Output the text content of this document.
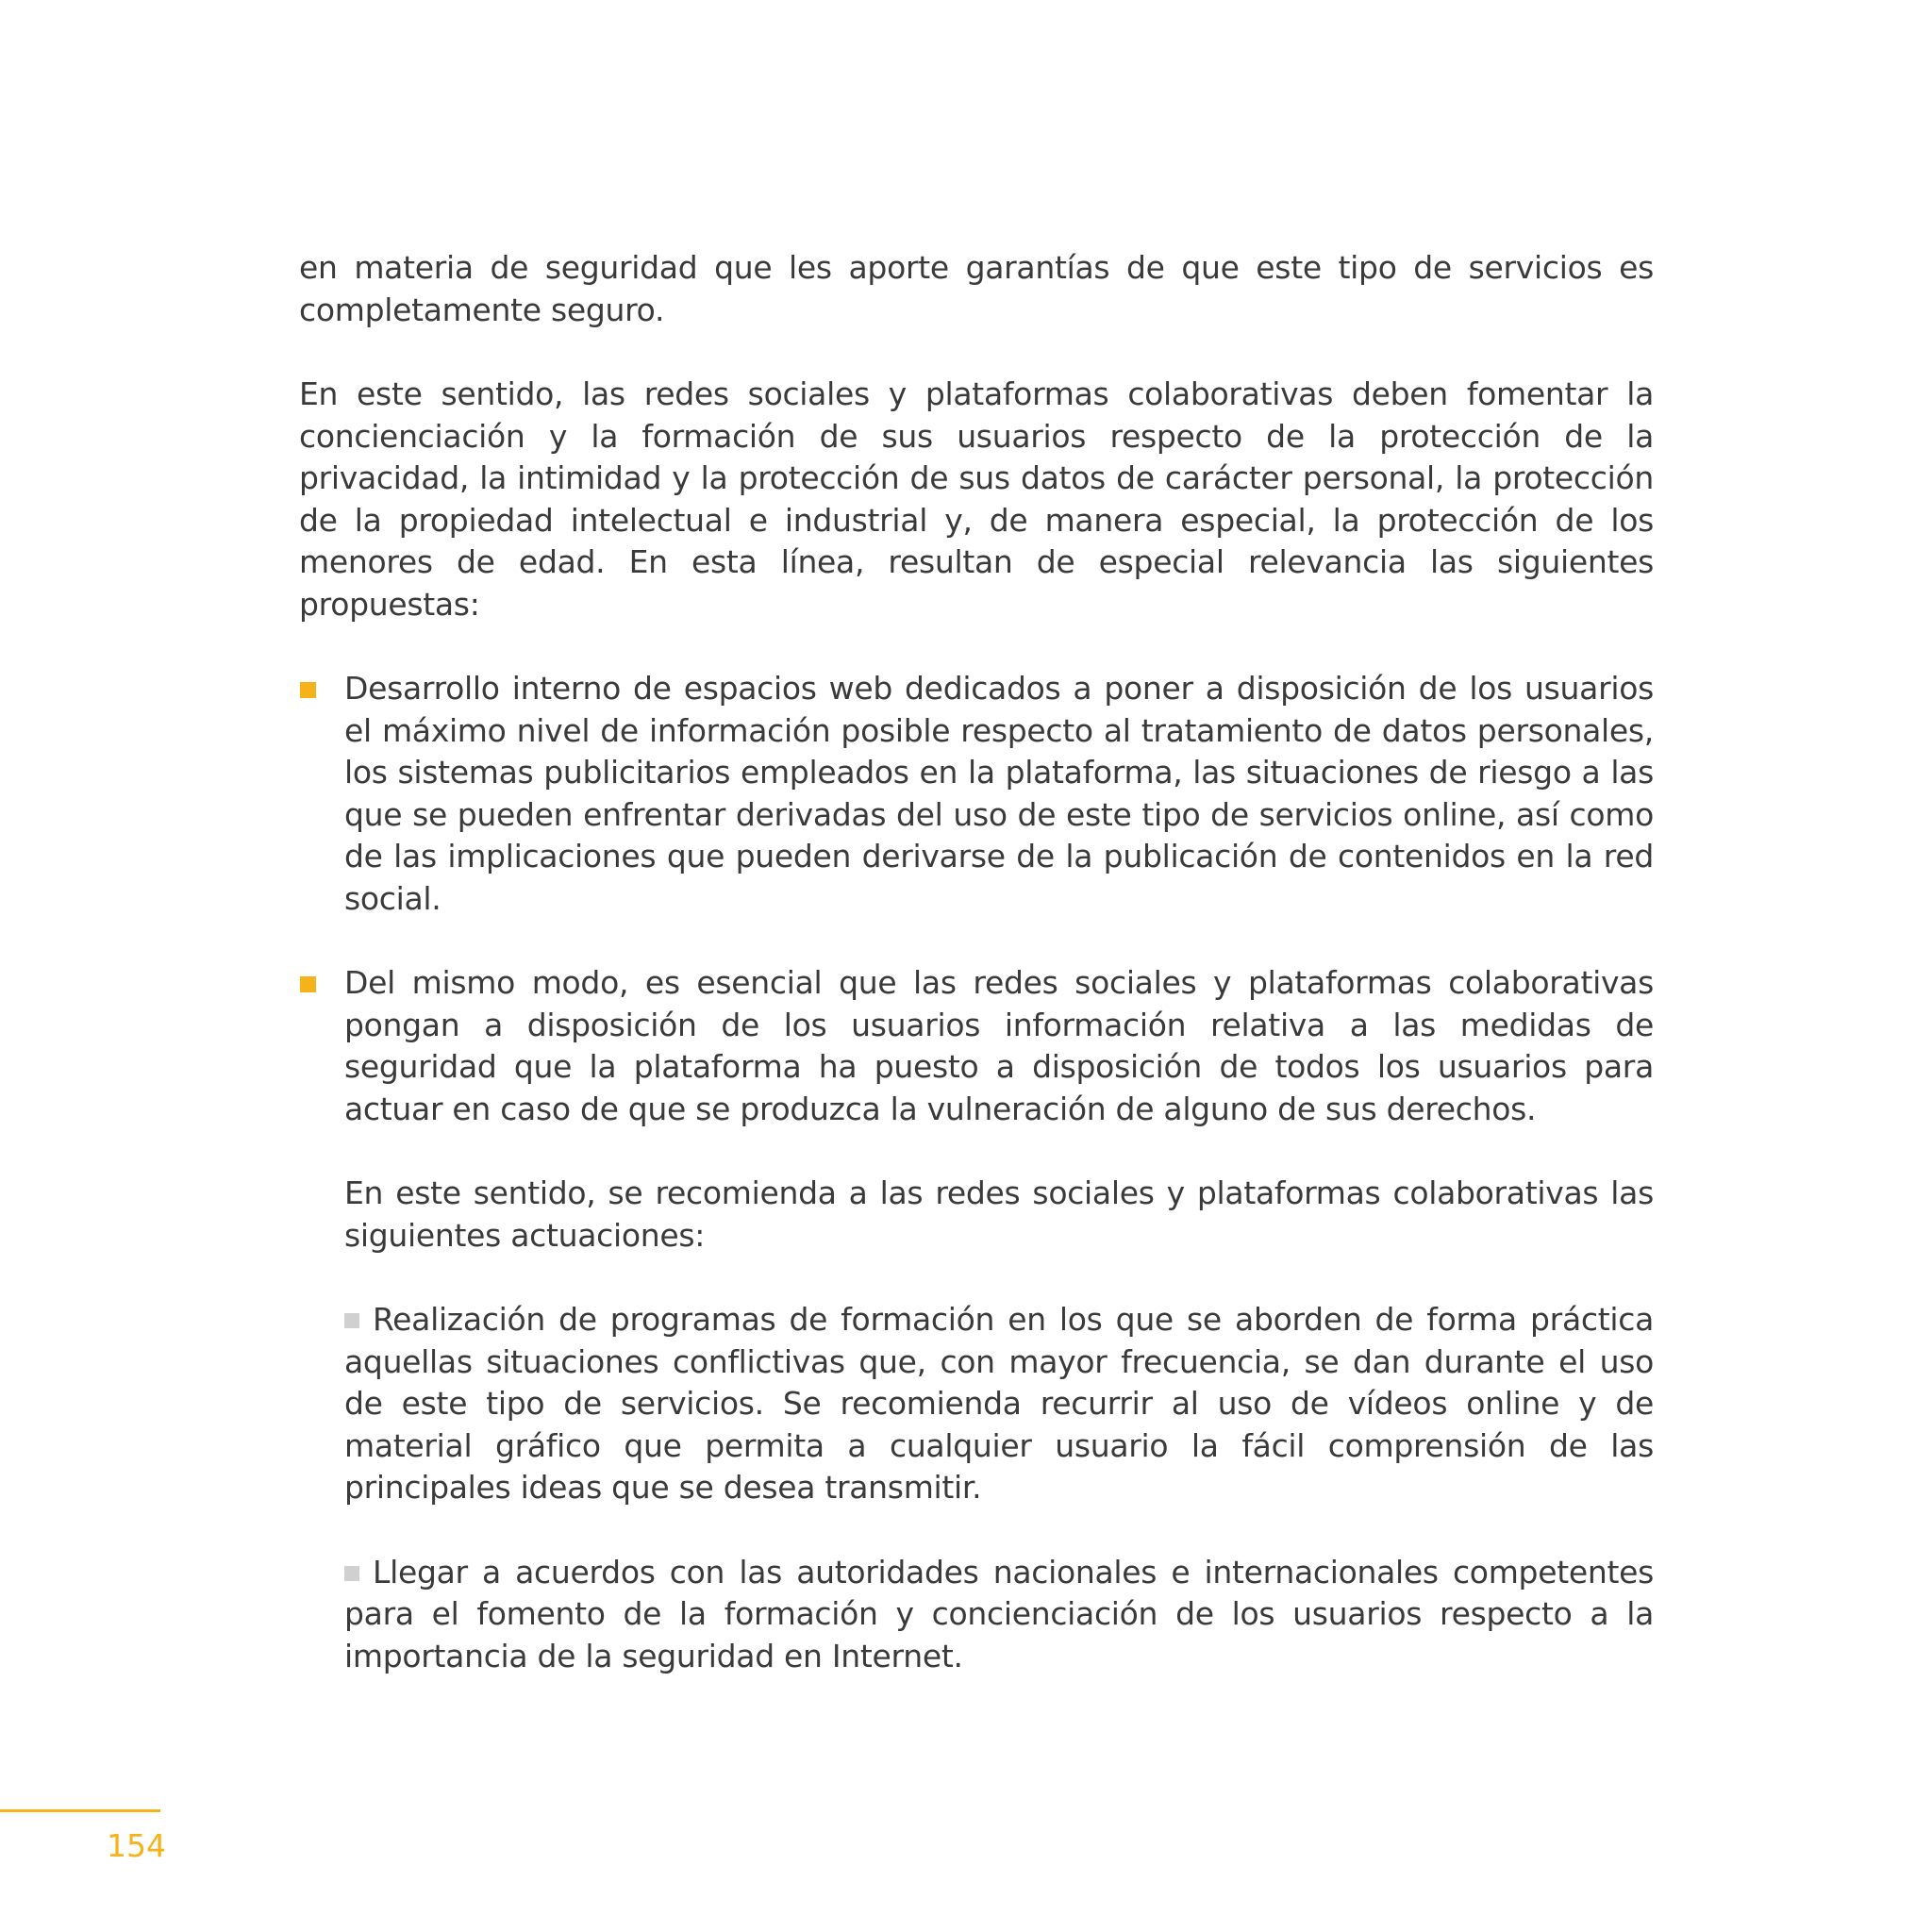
en materia de seguridad que les aporte garantías de que este tipo de servicios es completamente seguro.

En este sentido, las redes sociales y plataformas colaborativas deben fomentar la concienciación y la formación de sus usuarios respecto de la protección de la privacidad, la intimidad y la protección de sus datos de carácter personal, la protección de la propiedad intelectual e industrial y, de manera especial, la protección de los menores de edad. En esta línea, resultan de especial relevancia las siguientes propuestas:

Desarrollo interno de espacios web dedicados a poner a disposición de los usuarios el máximo nivel de información posible respecto al tratamiento de datos personales, los sistemas publicitarios empleados en la plataforma, las situaciones de riesgo a las que se pueden enfrentar derivadas del uso de este tipo de servicios online, así como de las implicaciones que pueden derivarse de la publicación de contenidos en la red social.

Del mismo modo, es esencial que las redes sociales y plataformas colaborativas pongan a disposición de los usuarios información relativa a las medidas de seguridad que la plataforma ha puesto a disposición de todos los usuarios para actuar en caso de que se produzca la vulneración de alguno de sus derechos.

En este sentido, se recomienda a las redes sociales y plataformas colaborativas las siguientes actuaciones:

Realización de programas de formación en los que se aborden de forma práctica aquellas situaciones conflictivas que, con mayor frecuencia, se dan durante el uso de este tipo de servicios. Se recomienda recurrir al uso de vídeos online y de material gráfico que permita a cualquier usuario la fácil comprensión de las principales ideas que se desea transmitir.

Llegar a acuerdos con las autoridades nacionales e internacionales competentes para el fomento de la formación y concienciación de los usuarios respecto a la importancia de la seguridad en Internet.

154
